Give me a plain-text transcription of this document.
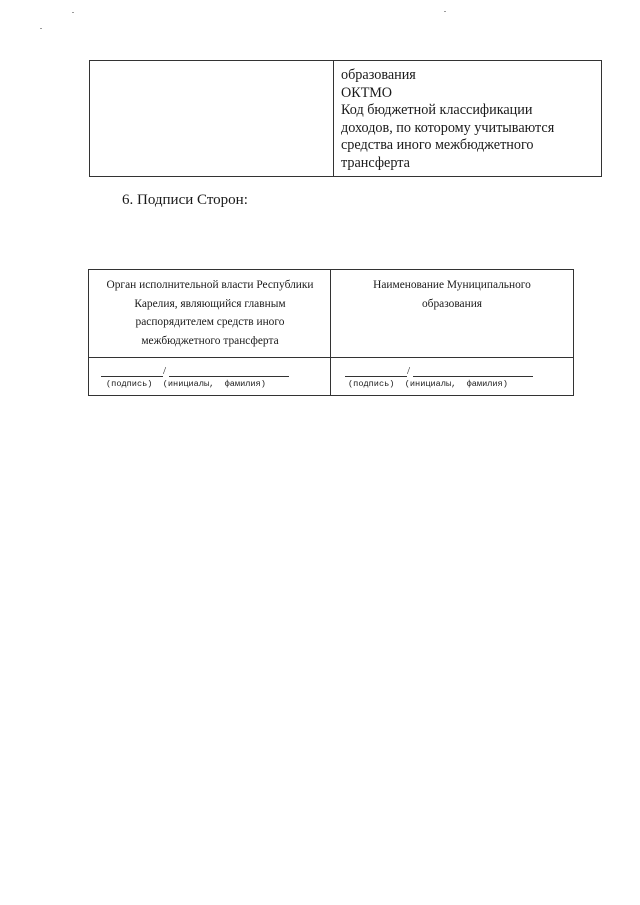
образования
ОКТМО
Код бюджетной классификации
доходов, по которому учитываются
средства иного межбюджетного
трансферта
6. Подписи Сторон:
Орган исполнительной власти Республики
Карелия, являющийся главным
распорядителем средств иного
межбюджетного трансферта
Наименование Муниципального
образования
/
(подпись)  (инициалы,  фамилия)
/
(подпись)  (инициалы,  фамилия)
